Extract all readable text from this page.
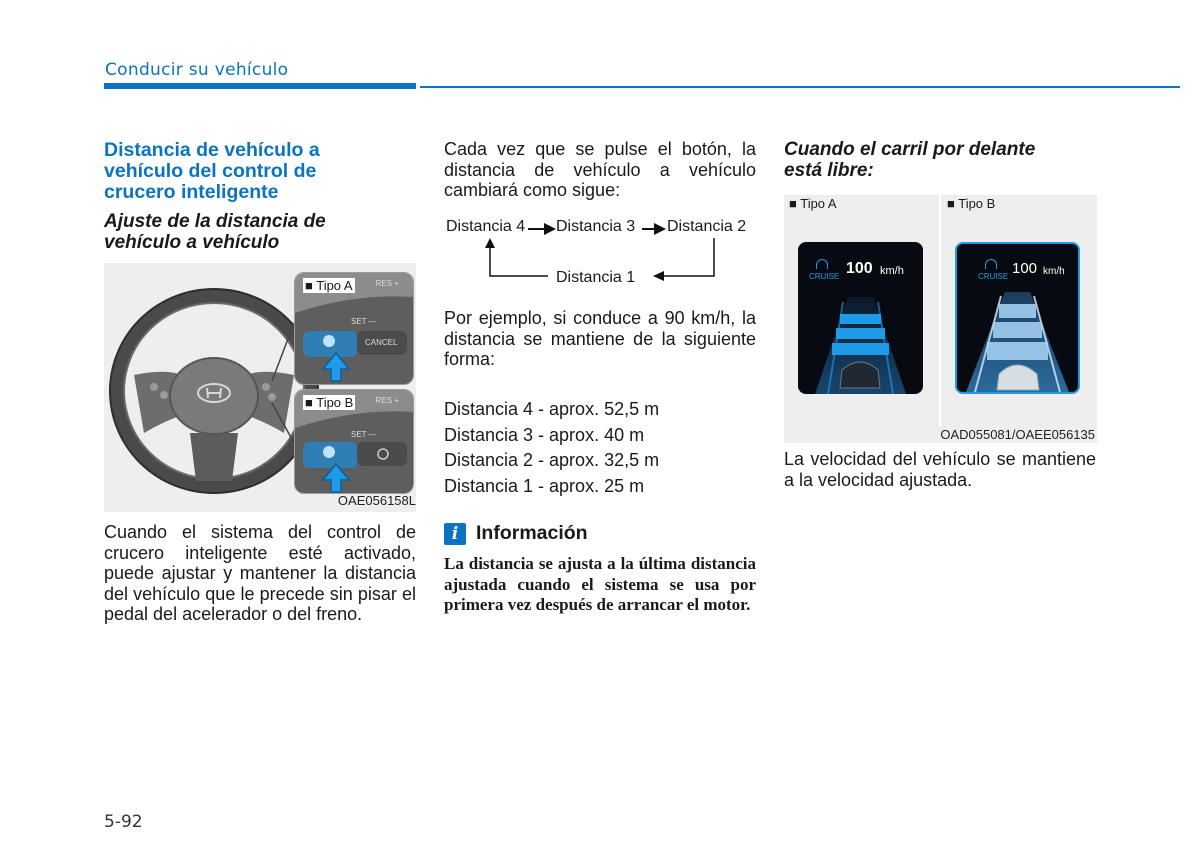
Conducir su vehículo
Distancia de vehículo a
vehículo del control de
crucero inteligente
Ajuste de la distancia de
vehículo a vehículo
■ Tipo A	RES +
SET —
CANCEL
■ Tipo B	RES +
SET —
OAE056158L
Cuando el sistema del control de crucero inteligente esté activado, puede ajustar y mantener la distancia del vehículo que le precede sin pisar el pedal del acelerador o del freno.
Cada vez que se pulse el botón, la distancia de vehículo a vehículo cambiará como sigue:
Distancia 4 Distancia 3 Distancia 2
Distancia 1
Por ejemplo, si conduce a 90 km/h, la distancia se mantiene de la siguiente forma:
Distancia 4 - aprox. 52,5 m
Distancia 3 - aprox. 40 m
Distancia 2 - aprox. 32,5 m
Distancia 1 - aprox. 25 m
i Información
La distancia se ajusta a la última distancia ajustada cuando el sistema se usa por primera vez después de arrancar el motor.
Cuando el carril por delante
está libre:
■ Tipo A	■ Tipo B
CRUISE 100 km/h	CRUISE 100 km/h
OAD055081/OAEE056135
La velocidad del vehículo se mantiene a la velocidad ajustada.
5-92
